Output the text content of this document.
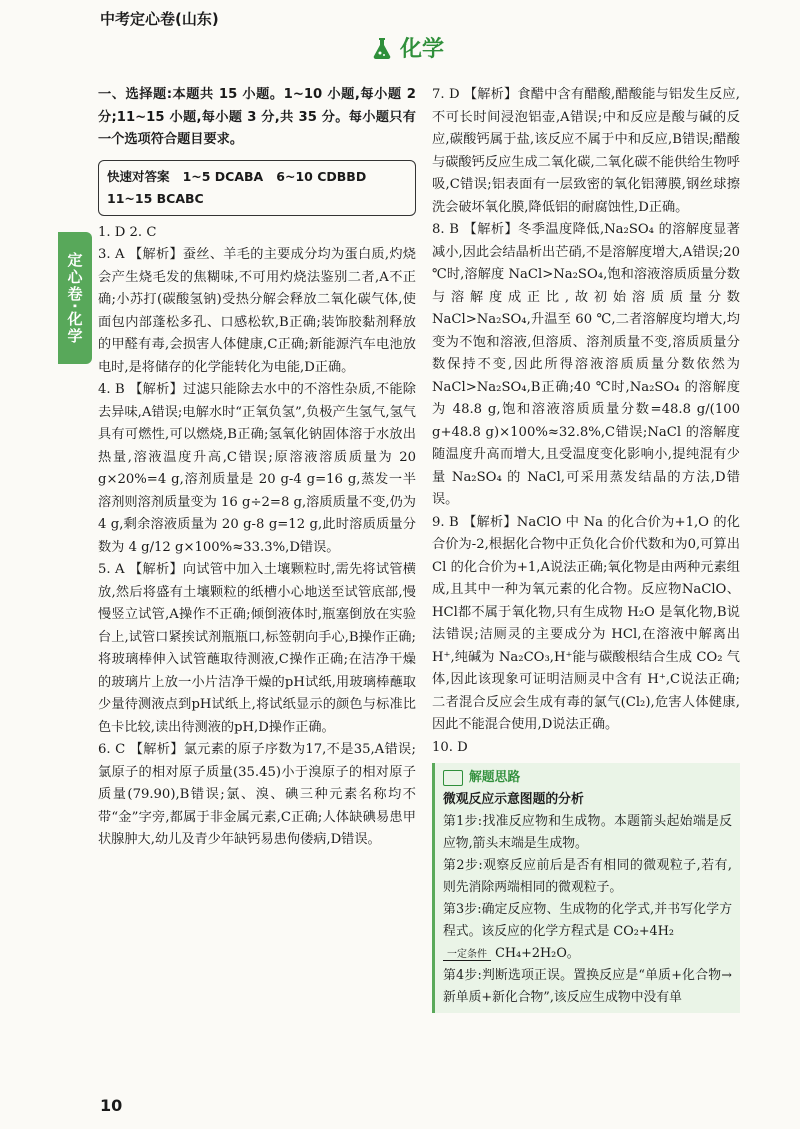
中考定心卷(山东)
化学
定心卷·化学

一、选择题:本题共 15 小题。1~10 小题,每小题 2 分;11~15 小题,每小题 3 分,共 35 分。每小题只有一个选项符合题目要求。

快速对答案 1~5 DCABA 6~10 CDBBD
11~15 BCABC

1. D 2. C

3. A 【解析】蚕丝、羊毛的主要成分均为蛋白质,灼烧会产生烧毛发的焦糊味,不可用灼烧法鉴别二者,A不正确;小苏打(碳酸氢钠)受热分解会释放二氧化碳气体,使面包内部蓬松多孔、口感松软,B正确;装饰胶黏剂释放的甲醛有毒,会损害人体健康,C正确;新能源汽车电池放电时,是将储存的化学能转化为电能,D正确。

4. B 【解析】过滤只能除去水中的不溶性杂质,不能除去异味,A错误;电解水时“正氧负氢”,负极产生氢气,氢气具有可燃性,可以燃烧,B正确;氢氧化钠固体溶于水放出热量,溶液温度升高,C错误;原溶液溶质质量为 20 g×20%=4 g,溶剂质量是 20 g-4 g=16 g,蒸发一半溶剂则溶剂质量变为 16 g÷2=8 g,溶质质量不变,仍为 4 g,剩余溶液质量为 20 g-8 g=12 g,此时溶质质量分数为 4 g/12 g×100%≈33.3%,D错误。

5. A 【解析】向试管中加入土壤颗粒时,需先将试管横放,然后将盛有土壤颗粒的纸槽小心地送至试管底部,慢慢竖立试管,A操作不正确;倾倒液体时,瓶塞倒放在实验台上,试管口紧挨试剂瓶瓶口,标签朝向手心,B操作正确;将玻璃棒伸入试管蘸取待测液,C操作正确;在洁净干燥的玻璃片上放一小片洁净干燥的pH试纸,用玻璃棒蘸取少量待测液点到pH试纸上,将试纸显示的颜色与标准比色卡比较,读出待测液的pH,D操作正确。

6. C 【解析】氯元素的原子序数为17,不是35,A错误;氯原子的相对原子质量(35.45)小于溴原子的相对原子质量(79.90),B错误;氯、溴、碘三种元素名称均不带“金”字旁,都属于非金属元素,C正确;人体缺碘易患甲状腺肿大,幼儿及青少年缺钙易患佝偻病,D错误。

7. D 【解析】食醋中含有醋酸,醋酸能与铝发生反应,不可长时间浸泡铝壶,A错误;中和反应是酸与碱的反应,碳酸钙属于盐,该反应不属于中和反应,B错误;醋酸与碳酸钙反应生成二氧化碳,二氧化碳不能供给生物呼吸,C错误;铝表面有一层致密的氧化铝薄膜,钢丝球擦洗会破坏氧化膜,降低铝的耐腐蚀性,D正确。

8. B 【解析】冬季温度降低,Na₂SO₄ 的溶解度显著减小,因此会结晶析出芒硝,不是溶解度增大,A错误;20 ℃时,溶解度 NaCl>Na₂SO₄,饱和溶液溶质质量分数与溶解度成正比,故初始溶质质量分数 NaCl>Na₂SO₄,升温至 60 ℃,二者溶解度均增大,均变为不饱和溶液,但溶质、溶剂质量不变,溶质质量分数保持不变,因此所得溶液溶质质量分数依然为 NaCl>Na₂SO₄,B正确;40 ℃时,Na₂SO₄ 的溶解度为 48.8 g,饱和溶液溶质质量分数=48.8 g/(100 g+48.8 g)×100%≈32.8%,C错误;NaCl 的溶解度随温度升高而增大,且受温度变化影响小,提纯混有少量 Na₂SO₄ 的 NaCl,可采用蒸发结晶的方法,D错误。

9. B 【解析】NaClO 中 Na 的化合价为+1,O 的化合价为-2,根据化合物中正负化合价代数和为0,可算出 Cl 的化合价为+1,A说法正确;氧化物是由两种元素组成,且其中一种为氧元素的化合物。反应物NaClO、HCl都不属于氧化物,只有生成物 H₂O 是氧化物,B说法错误;洁厕灵的主要成分为 HCl,在溶液中解离出 H⁺,纯碱为 Na₂CO₃,H⁺能与碳酸根结合生成 CO₂ 气体,因此该现象可证明洁厕灵中含有 H⁺,C说法正确;二者混合反应会生成有毒的氯气(Cl₂),危害人体健康,因此不能混合使用,D说法正确。

10. D

解题思路

微观反应示意图题的分析

第1步:找准反应物和生成物。本题箭头起始端是反应物,箭头末端是生成物。

第2步:观察反应前后是否有相同的微观粒子,若有,则先消除两端相同的微观粒子。

第3步:确定反应物、生成物的化学式,并书写化学方程式。该反应的化学方程式是 CO₂+4H₂

一定条件 CH₄+2H₂O。

第4步:判断选项正误。置换反应是“单质+化合物→新单质+新化合物”,该反应生成物中没有单

10
